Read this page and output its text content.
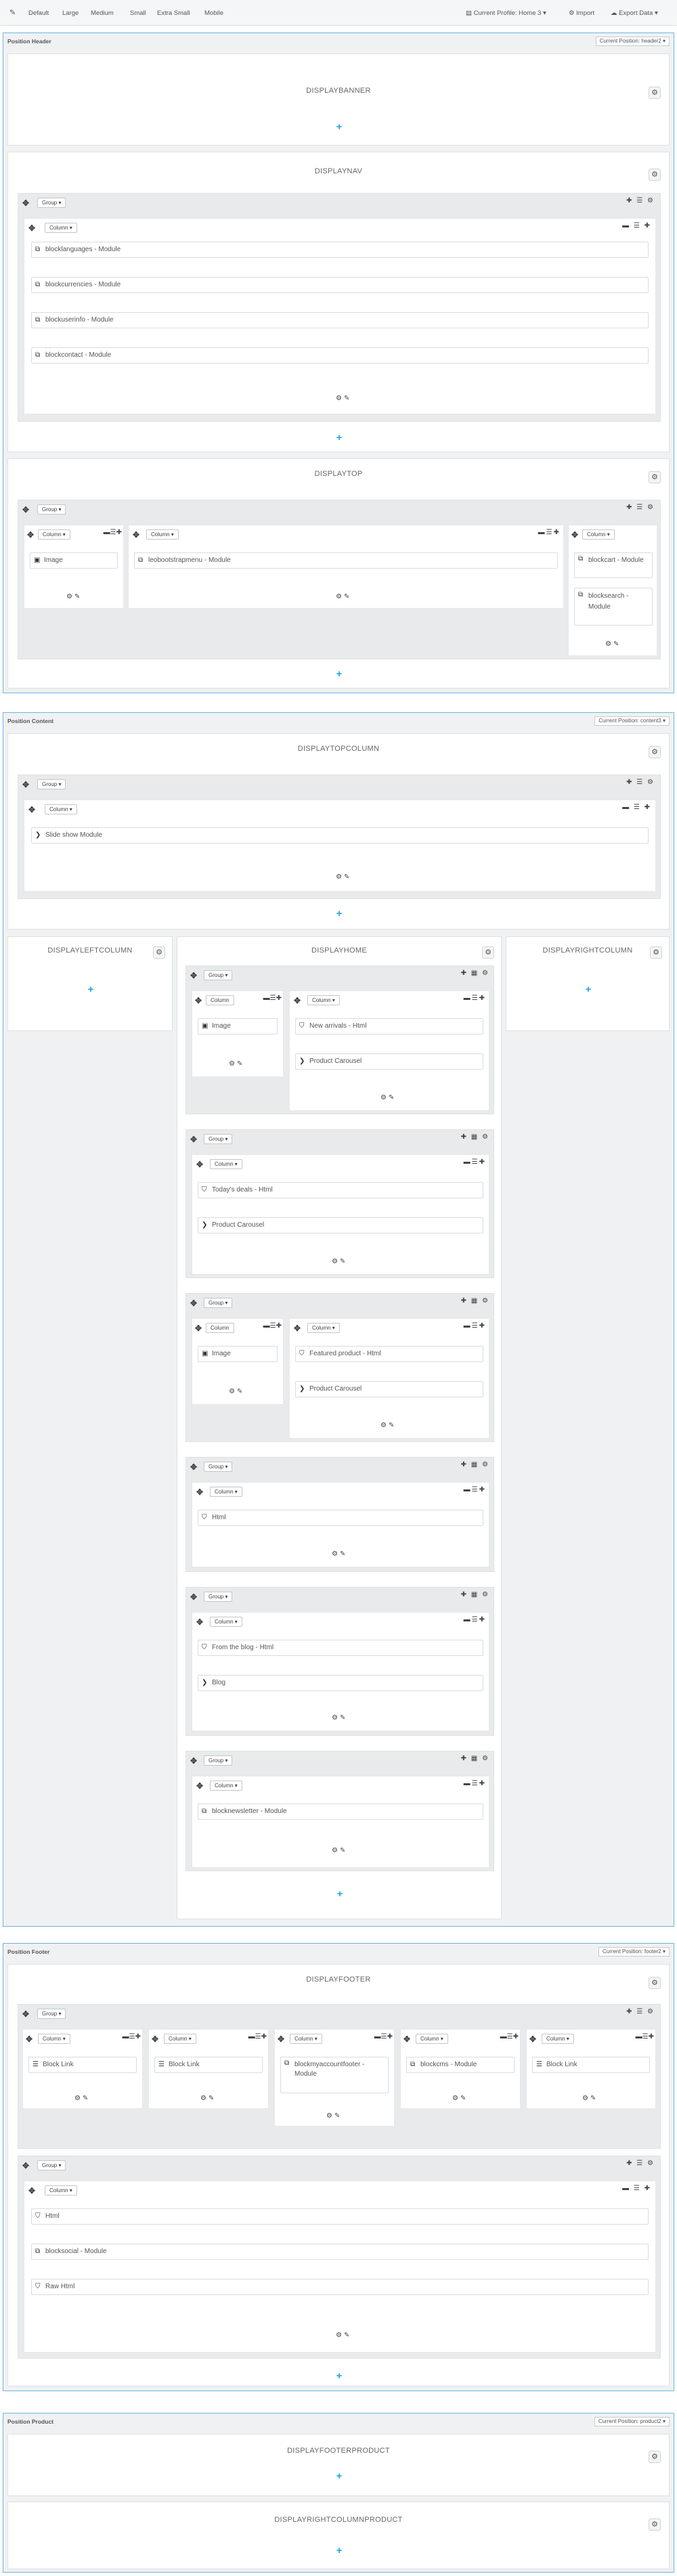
✎ Default Large Medium	Small Extra Small Mobile	▤ Current Profile: Home 3 ▾	⚙ Import	☁ Export Data ▾
Position Header	Current Position: header2 ▾
DISPLAYBANNER	⚙
+
DISPLAYNAV	⚙
✥	Group ▾	✚ ☰ ⚙
✥	Column ▾	▬ ☰ ✚
⧉ blocklanguages - Module
⧉ blockcurrencies - Module
⧉ blockuserinfo - Module
⧉ blockcontact - Module
⚙✎
+
DISPLAYTOP	⚙
✥	Group ▾	✚ ☰ ⚙
✥	Column ▾	▬☰✚
▣ Image
⚙✎
✥	Column ▾	▬☰✚
⧉ leobootstrapmenu - Module
⚙✎
✥	Column ▾
⧉ blockcart - Module
⧉ blocksearch - Module
⚙✎
+
Position Content	Current Position: content3 ▾
DISPLAYTOPCOLUMN	⚙
✥	Group ▾	✚ ☰ ⚙
✥	Column ▾	▬ ☰ ✚
❯ Slide show Module
⚙✎
+
DISPLAYLEFTCOLUMN	⚙
+
DISPLAYRIGHTCOLUMN	⚙
+
DISPLAYHOME	⚙
✥	Group ▾	✚ ▦ ⚙
✥	Column	▬☰✚
▣ Image
⚙✎
✥	Column ▾	▬☰✚
⛉ New arrivals - Html
❯ Product Carousel
⚙✎
✥	Group ▾	✚ ▦ ⚙
✥	Column ▾	▬☰✚
⛉ Today's deals - Html
❯ Product Carousel
⚙✎
✥	Group ▾	✚ ▦ ⚙
✥	Column	▬☰✚
▣ Image
⚙✎
✥	Column ▾	▬☰✚
⛉ Featured product - Html
❯ Product Carousel
⚙✎
✥	Group ▾	✚ ▦ ⚙
✥	Column ▾	▬☰✚
⛉ Html
⚙✎
✥	Group ▾	✚ ▦ ⚙
✥	Column ▾	▬☰✚
⛉ From the blog - Html
❯ Blog
⚙✎
✥	Group ▾	✚ ▦ ⚙
✥	Column ▾	▬☰✚
⧉ blocknewsletter - Module
⚙✎
+
Position Footer	Current Position: footer2 ▾
DISPLAYFOOTER	⚙
✥	Group ▾	✚ ☰ ⚙
✥	Column ▾	▬☰✚
☰ Block Link
⚙✎
✥	Column ▾	▬☰✚
☰ Block Link
⚙✎
✥	Column ▾	▬☰✚
⧉ blockmyaccountfooter - Module
⚙✎
✥	Column ▾	▬☰✚
⧉ blockcms - Module
⚙✎
✥	Column ▾	▬☰✚
☰ Block Link
⚙✎
✥	Group ▾	✚ ☰ ⚙
✥	Column ▾	▬ ☰ ✚
⛉ Html
⧉ blocksocial - Module
⛉ Raw Html
⚙✎
+
Position Product	Current Position: product2 ▾
DISPLAYFOOTERPRODUCT
⚙
+
DISPLAYRIGHTCOLUMNPRODUCT
⚙
+
